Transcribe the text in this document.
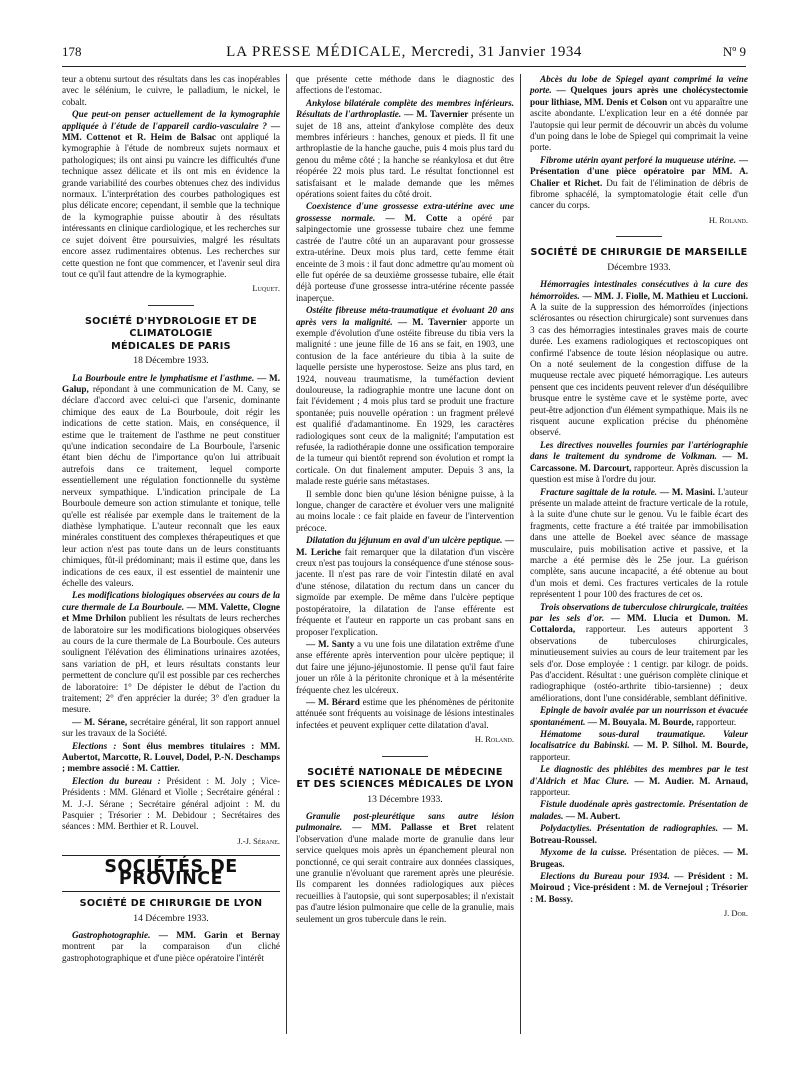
178	LA PRESSE MÉDICALE, Mercredi, 31 Janvier 1934	Nº 9

teur a obtenu surtout des résultats dans les cas inopérables avec le sélénium, le cuivre, le palladium, le nickel, le cobalt.

Que peut-on penser actuellement de la kymographie appliquée à l'étude de l'appareil cardio-vasculaire ? — MM. Cottenot et R. Heim de Balsac ont appliqué la kymographie à l'étude de nombreux sujets normaux et pathologiques; ils ont ainsi pu vaincre les difficultés d'une technique assez délicate et ils ont mis en évidence la grande variabilité des courbes obtenues chez des individus normaux. L'interprétation des courbes pathologiques est plus délicate encore; cependant, il semble que la technique de la kymographie puisse aboutir à des résultats intéressants en clinique cardiologique, et les recherches sur ce sujet doivent être poursuivies, malgré les résultats encore assez rudimentaires obtenus. Les recherches sur cette question ne font que commencer, et l'avenir seul dira tout ce qu'il faut attendre de la kymographie.

Luquet.

SOCIÉTÉ D'HYDROLOGIE ET DE CLIMATOLOGIE
MÉDICALES DE PARIS
18 Décembre 1933.

La Bourboule entre le lymphatisme et l'asthme. — M. Galup, répondant à une communication de M. Cany, se déclare d'accord avec celui-ci que l'arsenic, dominante chimique des eaux de La Bourboule, doit régir les indications de cette station. Mais, en conséquence, il estime que le traitement de l'asthme ne peut constituer qu'une indication secondaire de La Bourboule, l'arsenic étant bien déchu de l'importance qu'on lui attribuait autrefois dans ce traitement, lequel comporte essentiellement une régulation fonctionnelle du système nerveux sympathique. L'indication principale de La Bourboule demeure son action stimulante et tonique, telle qu'elle est réalisée par exemple dans le traitement de la diathèse lymphatique. L'auteur reconnaît que les eaux minérales constituent des complexes thérapeutiques et que leur action n'est pas toute dans un de leurs constituants chimiques, fût-il prédominant; mais il estime que, dans les indications de ces eaux, il est essentiel de maintenir une échelle des valeurs.

Les modifications biologiques observées au cours de la cure thermale de La Bourboule. — MM. Valette, Clogne et Mme Drhilon publient les résultats de leurs recherches de laboratoire sur les modifications biologiques observées au cours de la cure thermale de La Bourboule. Ces auteurs soulignent l'élévation des éliminations urinaires azotées, sans variation de pH, et leurs résultats constants leur permettent de conclure qu'il est possible par ces recherches de laboratoire: 1° De dépister le début de l'action du traitement; 2° d'en apprécier la durée; 3° d'en graduer la mesure.

— M. Sérane, secrétaire général, lit son rapport annuel sur les travaux de la Société.

Elections : Sont élus membres titulaires : MM. Aubertot, Marcotte, R. Louvel, Dodel, P.-N. Deschamps ; membre associé : M. Cattier.

Election du bureau : Président : M. Joly ; Vice-Présidents : MM. Glénard et Violle ; Secrétaire général : M. J.-J. Sérane ; Secrétaire général adjoint : M. du Pasquier ; Trésorier : M. Debidour ; Secrétaires des séances : MM. Berthier et R. Louvel.

J.-J. Sérane.

SOCIÉTÉS DE PROVINCE
SOCIÉTÉ DE CHIRURGIE DE LYON
14 Décembre 1933.

Gastrophotographie. — MM. Garin et Bernay montrent par la comparaison d'un cliché gastrophotographique et d'une pièce opératoire l'intérêt

que présente cette méthode dans le diagnostic des affections de l'estomac.

Ankylose bilatérale complète des membres inférieurs. Résultats de l'arthroplastie. — M. Tavernier présente un sujet de 18 ans, atteint d'ankylose complète des deux membres inférieurs : hanches, genoux et pieds. Il fit une arthroplastie de la hanche gauche, puis 4 mois plus tard du genou du même côté ; la hanche se réankylosa et dut être réopérée 22 mois plus tard. Le résultat fonctionnel est satisfaisant et le malade demande que les mêmes opérations soient faites du côté droit.

Coexistence d'une grossesse extra-utérine avec une grossesse normale. — M. Cotte a opéré par salpingectomie une grossesse tubaire chez une femme castrée de l'autre côté un an auparavant pour grossesse extra-utérine. Deux mois plus tard, cette femme était enceinte de 3 mois : il faut donc admettre qu'au moment où elle fut opérée de sa deuxième grossesse tubaire, elle était déjà porteuse d'une grossesse intra-utérine récente passée inaperçue.

Ostéite fibreuse méta-traumatique et évoluant 20 ans après vers la malignité. — M. Tavernier apporte un exemple d'évolution d'une ostéite fibreuse du tibia vers la malignité : une jeune fille de 16 ans se fait, en 1903, une contusion de la face antérieure du tibia à la suite de laquelle persiste une hyperostose. Seize ans plus tard, en 1924, nouveau traumatisme, la tuméfaction devient douloureuse, la radiographie montre une lacune dont on fait l'évidement ; 4 mois plus tard se produit une fracture spontanée; puis nouvelle opération : un fragment prélevé est qualifié d'adamantinome. En 1929, les caractères radiologiques sont ceux de la malignité; l'amputation est refusée, la radiothérapie donne une ossification temporaire de la tumeur qui bientôt reprend son évolution et rompt la corticale. On dut finalement amputer. Depuis 3 ans, la malade reste guérie sans métastases.

Il semble donc bien qu'une lésion bénigne puisse, à la longue, changer de caractère et évoluer vers une malignité au moins locale : ce fait plaide en faveur de l'intervention précoce.

Dilatation du jéjunum en aval d'un ulcère peptique. — M. Leriche fait remarquer que la dilatation d'un viscère creux n'est pas toujours la conséquence d'une sténose sous-jacente. Il n'est pas rare de voir l'intestin dilaté en aval d'une sténose, dilatation du rectum dans un cancer du sigmoïde par exemple. De même dans l'ulcère peptique postopératoire, la dilatation de l'anse efférente est fréquente et l'auteur en rapporte un cas probant sans en proposer l'explication.

— M. Santy a vu une fois une dilatation extrême d'une anse efférente après intervention pour ulcère peptique; il dut faire une jéjuno-jéjunostomie. Il pense qu'il faut faire jouer un rôle à la péritonite chronique et à la mésentérite fréquente chez les ulcéreux.

— M. Bérard estime que les phénomènes de péritonite atténuée sont fréquents au voisinage de lésions intestinales infectées et peuvent expliquer cette dilatation d'aval.

H. Roland.

SOCIÉTÉ NATIONALE DE MÉDECINE
ET DES SCIENCES MÉDICALES DE LYON
13 Décembre 1933.

Granulie post-pleurétique sans autre lésion pulmonaire. — MM. Pallasse et Bret relatent l'observation d'une malade morte de granulie dans leur service quelques mois après un épanchement pleural non ponctionné, ce qui serait contraire aux données classiques, une granulie n'évoluant que rarement après une pleurésie. Ils comparent les données radiologiques aux pièces recueillies à l'autopsie, qui sont superposables; il n'existait pas d'autre lésion pulmonaire que celle de la granulie, mais seulement un gros tubercule dans le rein.

Abcès du lobe de Spiegel ayant comprimé la veine porte. — Quelques jours après une cholécystectomie pour lithiase, MM. Denis et Colson ont vu apparaître une ascite abondante. L'explication leur en a été donnée par l'autopsie qui leur permit de découvrir un abcès du volume d'un poing dans le lobe de Spiegel qui comprimait la veine porte.

Fibrome utérin ayant perforé la muqueuse utérine. — Présentation d'une pièce opératoire par MM. A. Chalier et Richet. Du fait de l'élimination de débris de fibrome sphacélé, la symptomatologie était celle d'un cancer du corps.

H. Roland.

SOCIÉTÉ DE CHIRURGIE DE MARSEILLE
Décembre 1933.

Hémorragies intestinales consécutives à la cure des hémorroïdes. — MM. J. Fiolle, M. Mathieu et Luccioni. A la suite de la suppression des hémorroïdes (injections sclérosantes ou résection chirurgicale) sont survenues dans 3 cas des hémorragies intestinales graves mais de courte durée. Les examens radiologiques et rectoscopiques ont confirmé l'absence de toute lésion néoplasique ou autre. On a noté seulement de la congestion diffuse de la muqueuse rectale avec piqueté hémorragique. Les auteurs pensent que ces incidents peuvent relever d'un déséquilibre brusque entre le système cave et le système porte, avec peut-être adjonction d'un élément sympathique. Mais ils ne risquent aucune explication précise du phénomène observé.

Les directives nouvelles fournies par l'artériographie dans le traitement du syndrome de Volkman. — M. Carcassone. M. Darcourt, rapporteur. Après discussion la question est mise à l'ordre du jour.

Fracture sagittale de la rotule. — M. Masini. L'auteur présente un malade atteint de fracture verticale de la rotule, à la suite d'une chute sur le genou. Vu le faible écart des fragments, cette fracture a été traitée par immobilisation dans une attelle de Boekel avec séance de massage musculaire, puis mobilisation active et passive, et la marche a été permise dès le 25e jour. La guérison complète, sans aucune incapacité, a été obtenue au bout d'un mois et demi. Ces fractures verticales de la rotule représentent 1 pour 100 des fractures de cet os.

Trois observations de tuberculose chirurgicale, traitées par les sels d'or. — MM. Llucia et Dumon. M. Cottalorda, rapporteur. Les auteurs apportent 3 observations de tuberculoses chirurgicales, minutieusement suivies au cours de leur traitement par les sels d'or. Dose employée : 1 centigr. par kilogr. de poids. Pas d'accident. Résultat : une guérison complète clinique et radiographique (ostéo-arthrite tibio-tarsienne) ; deux améliorations, dont l'une considérable, semblant définitive.

Epingle de bavoir avalée par un nourrisson et évacuée spontanément. — M. Bouyala. M. Bourde, rapporteur.

Hématome sous-dural traumatique. Valeur localisatrice du Babinski. — M. P. Silhol. M. Bourde, rapporteur.

Le diagnostic des phlébites des membres par le test d'Aldrich et Mac Clure. — M. Audier. M. Arnaud, rapporteur.

Fistule duodénale après gastrectomie. Présentation de malades. — M. Aubert.

Polydactylies. Présentation de radiographies. — M. Botreau-Roussel.

Myxome de la cuisse. Présentation de pièces. — M. Brugeas.

Elections du Bureau pour 1934. — Président : M. Moiroud ; Vice-président : M. de Vernejoul ; Trésorier : M. Bossy.

J. Dor.
